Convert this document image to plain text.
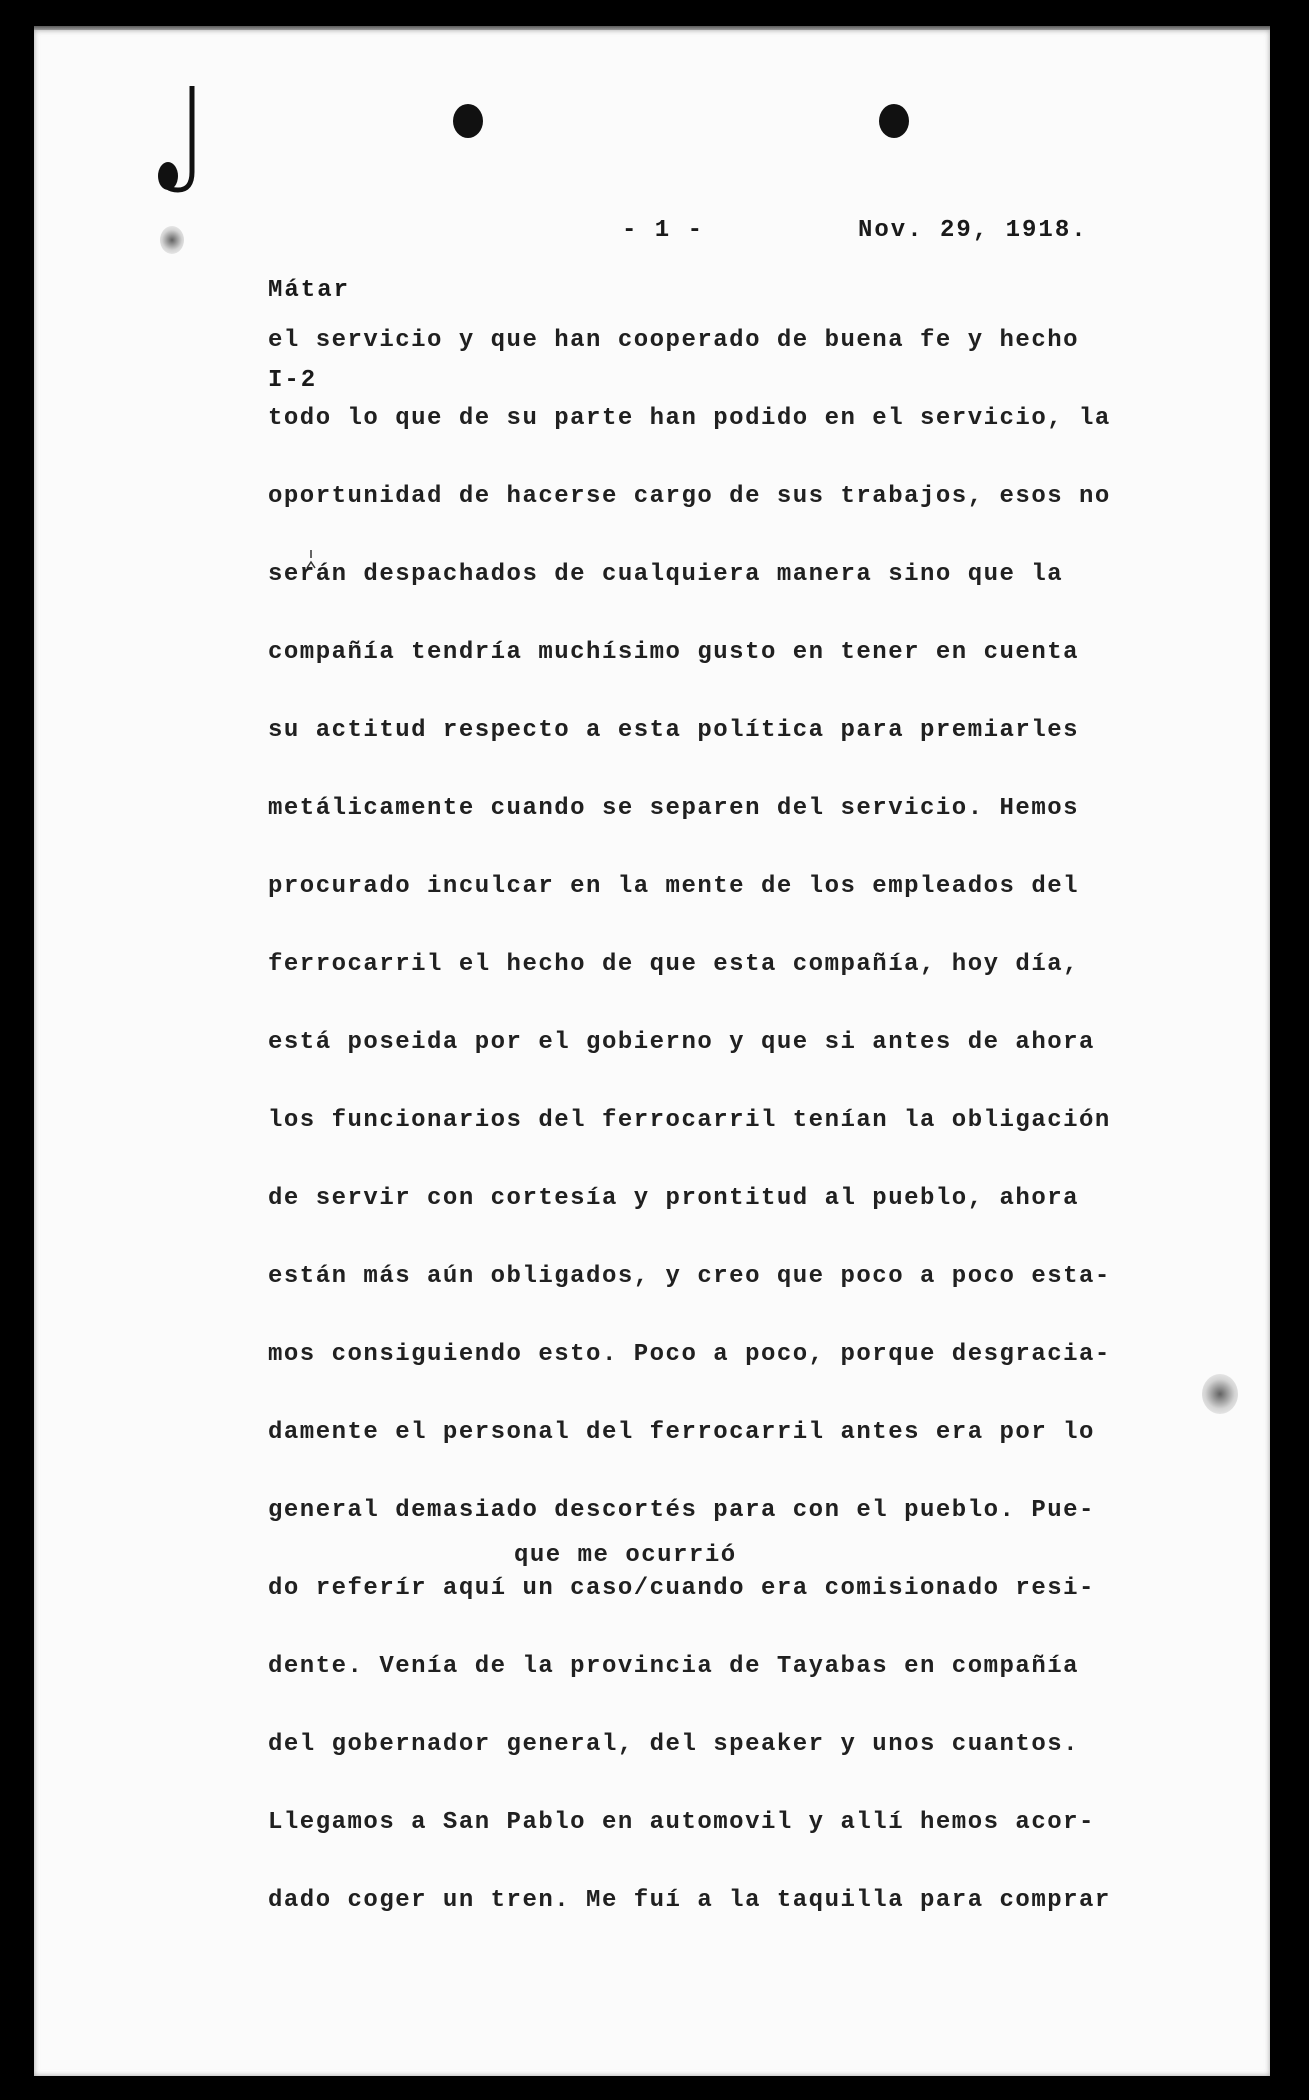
Mátar

I-2

- 1 -	Nov. 29, 1918.
que me ocurrió
el servicio y que han cooperado de buena fe y hecho
todo lo que de su parte han podido en el servicio, la
oportunidad de hacerse cargo de sus trabajos, esos no
serán despachados de cualquiera manera sino que la
compañía tendría muchísimo gusto en tener en cuenta
su actitud respecto a esta política para premiarles
metálicamente cuando se separen del servicio. Hemos
procurado inculcar en la mente de los empleados del
ferrocarril el hecho de que esta compañía, hoy día,
está poseida por el gobierno y que si antes de ahora
los funcionarios del ferrocarril tenían la obligación
de servir con cortesía y prontitud al pueblo, ahora
están más aún obligados, y creo que poco a poco esta-
mos consiguiendo esto. Poco a poco, porque desgracia-
damente el personal del ferrocarril antes era por lo
general demasiado descortés para con el pueblo. Pue-
do referír aquí un caso/cuando era comisionado resi-
dente. Venía de la provincia de Tayabas en compañía
del gobernador general, del speaker y unos cuantos.
Llegamos a San Pablo en automovil y allí hemos acor-
dado coger un tren. Me fuí a la taquilla para comprar
